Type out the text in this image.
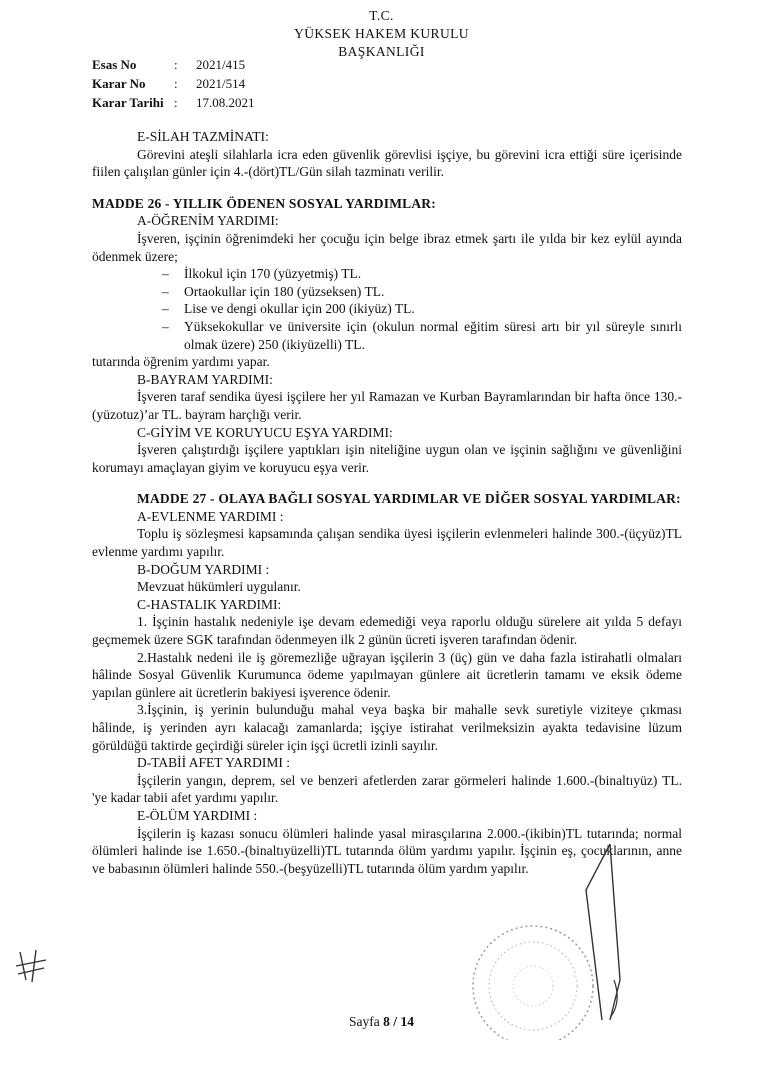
T.C.
YÜKSEK HAKEM KURULU
BAŞKANLIĞI
Esas No	:	2021/415
Karar No	:	2021/514
Karar Tarihi :	17.08.2021

E-SİLAH TAZMİNATI:

Görevini ateşli silahlarla icra eden güvenlik görevlisi işçiye, bu görevini icra ettiği süre içerisinde fiilen çalışılan günler için 4.-(dört)TL/Gün silah tazminatı verilir.

MADDE 26 - YILLIK ÖDENEN SOSYAL YARDIMLAR:

A-ÖĞRENİM YARDIMI:

İşveren, işçinin öğrenimdeki her çocuğu için belge ibraz etmek şartı ile yılda bir kez eylül ayında ödenmek üzere;

– İlkokul için 170 (yüzyetmiş) TL.
– Ortaokullar için 180 (yüzseksen) TL.
– Lise ve dengi okullar için 200 (ikiyüz) TL.
– Yüksekokullar ve üniversite için (okulun normal eğitim süresi artı bir yıl süreyle sınırlı olmak üzere) 250 (ikiyüzelli) TL.

tutarında öğrenim yardımı yapar.

B-BAYRAM YARDIMI:

İşveren taraf sendika üyesi işçilere her yıl Ramazan ve Kurban Bayramlarından bir hafta önce 130.-(yüzotuz)’ar TL. bayram harçlığı verir.

C-GİYİM VE KORUYUCU EŞYA YARDIMI:

İşveren çalıştırdığı işçilere yaptıkları işin niteliğine uygun olan ve işçinin sağlığını ve güvenliğini korumayı amaçlayan giyim ve koruyucu eşya verir.

MADDE 27 - OLAYA BAĞLI SOSYAL YARDIMLAR VE DİĞER SOSYAL YARDIMLAR:

A-EVLENME YARDIMI :

Toplu iş sözleşmesi kapsamında çalışan sendika üyesi işçilerin evlenmeleri halinde 300.-(üçyüz)TL evlenme yardımı yapılır.

B-DOĞUM YARDIMI :

Mevzuat hükümleri uygulanır.

C-HASTALIK YARDIMI:

1. İşçinin hastalık nedeniyle işe devam edemediği veya raporlu olduğu sürelere ait yılda 5 defayı geçmemek üzere SGK tarafından ödenmeyen ilk 2 günün ücreti işveren tarafından ödenir.

2.Hastalık nedeni ile iş göremezliğe uğrayan işçilerin 3 (üç) gün ve daha fazla istirahatli olmaları hâlinde Sosyal Güvenlik Kurumunca ödeme yapılmayan günlere ait ücretlerin tamamı ve eksik ödeme yapılan günlere ait ücretlerin bakiyesi işverence ödenir.

3.İşçinin, iş yerinin bulunduğu mahal veya başka bir mahalle sevk suretiyle viziteye çıkması hâlinde, iş yerinden ayrı kalacağı zamanlarda; işçiye istirahat verilmeksizin ayakta tedavisine lüzum görüldüğü taktirde geçirdiği süreler için işçi ücretli izinli sayılır.

D-TABİİ AFET YARDIMI :

İşçilerin yangın, deprem, sel ve benzeri afetlerden zarar görmeleri halinde 1.600.-(binaltıyüz) TL. 'ye kadar tabii afet yardımı yapılır.

E-ÖLÜM YARDIMI :

İşçilerin iş kazası sonucu ölümleri halinde yasal mirasçılarına 2.000.-(ikibin)TL tutarında; normal ölümleri halinde ise 1.650.-(binaltıyüzelli)TL tutarında ölüm yardımı yapılır. İşçinin eş, çocuklarının, anne ve babasının ölümleri halinde 550.-(beşyüzelli)TL tutarında ölüm yardım yapılır.

Sayfa 8 / 14
